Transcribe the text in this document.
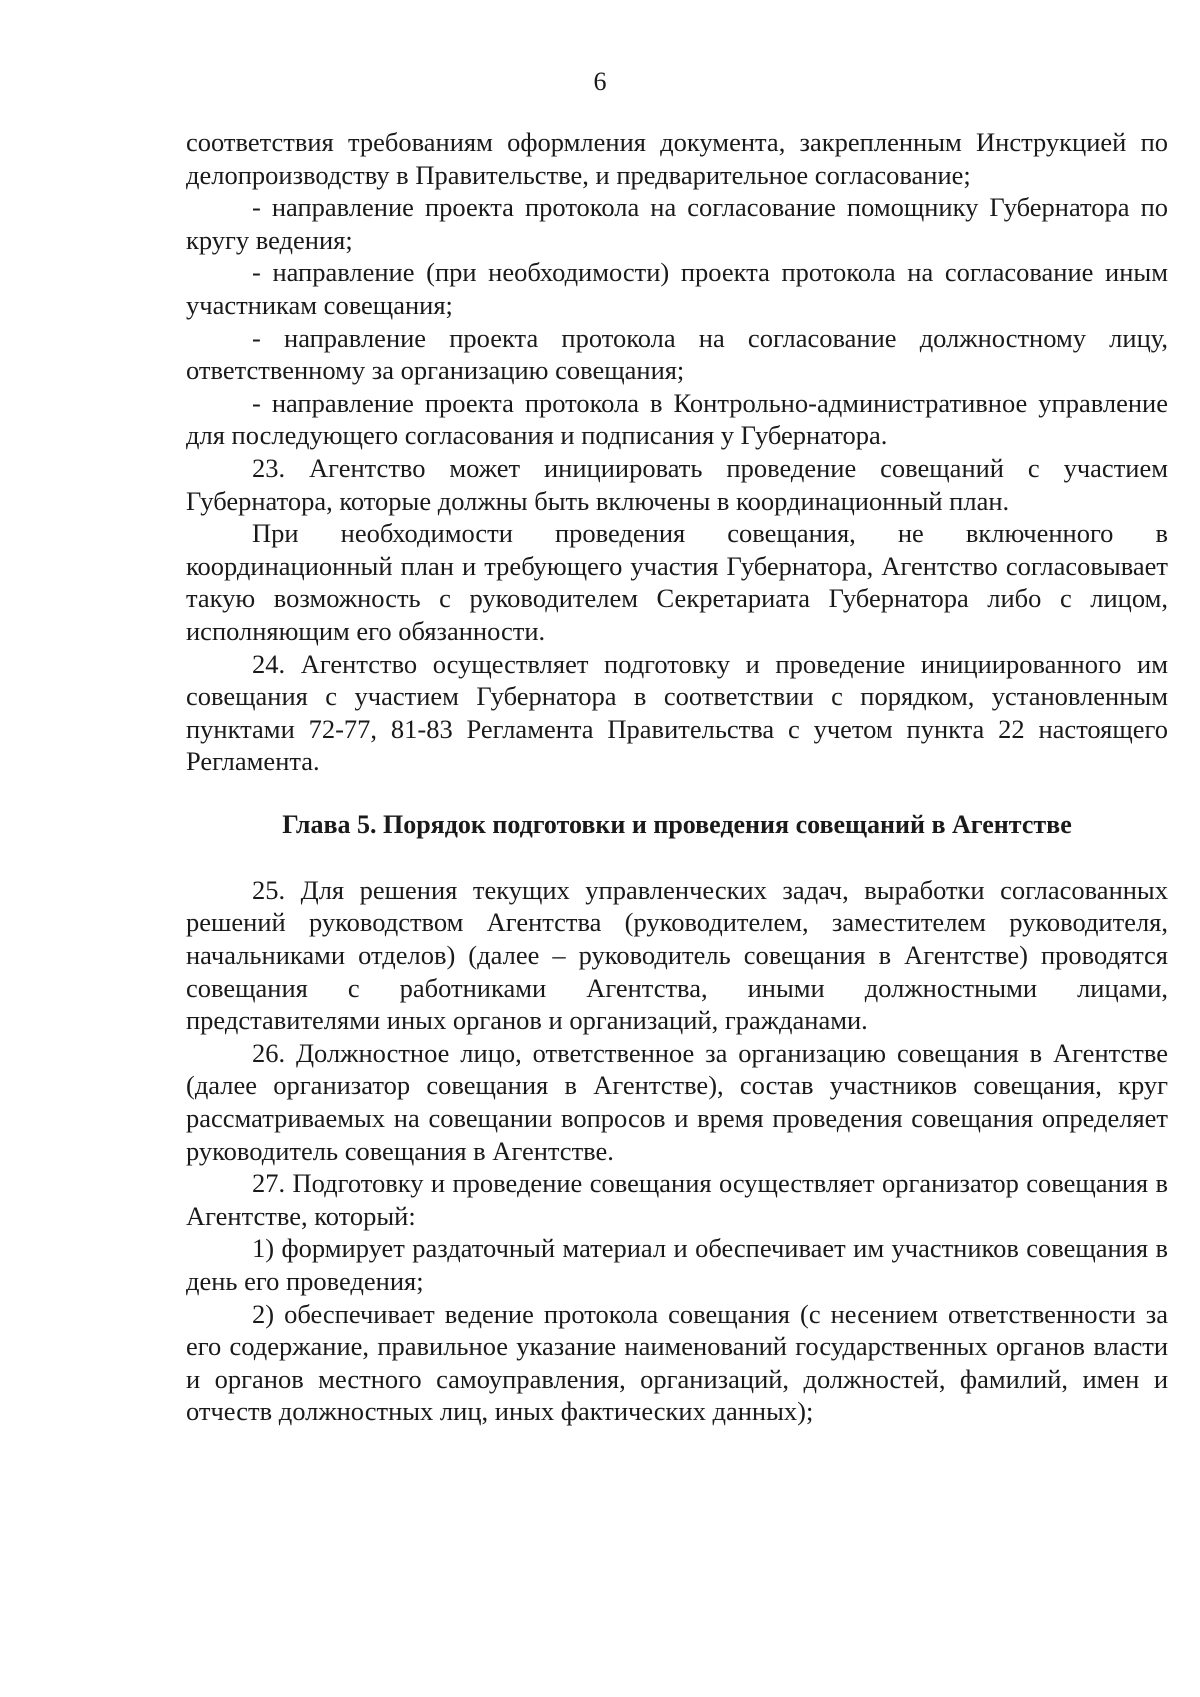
6

соответствия требованиям оформления документа, закрепленным Инструкцией по делопроизводству в Правительстве, и предварительное согласование;

- направление проекта протокола на согласование помощнику Губернатора по кругу ведения;

- направление (при необходимости) проекта протокола на согласование иным участникам совещания;

- направление проекта протокола на согласование должностному лицу, ответственному за организацию совещания;

- направление проекта протокола в Контрольно-административное управление для последующего согласования и подписания у Губернатора.

23. Агентство может инициировать проведение совещаний с участием Губернатора, которые должны быть включены в координационный план.

При необходимости проведения совещания, не включенного в координационный план и требующего участия Губернатора, Агентство согласовывает такую возможность с руководителем Секретариата Губернатора либо с лицом, исполняющим его обязанности.

24. Агентство осуществляет подготовку и проведение инициированного им совещания с участием Губернатора в соответствии с порядком, установленным пунктами 72-77, 81-83 Регламента Правительства с учетом пункта 22 настоящего Регламента.

Глава 5. Порядок подготовки и проведения совещаний в Агентстве

25. Для решения текущих управленческих задач, выработки согласованных решений руководством Агентства (руководителем, заместителем руководителя, начальниками отделов) (далее – руководитель совещания в Агентстве) проводятся совещания с работниками Агентства, иными должностными лицами, представителями иных органов и организаций, гражданами.

26. Должностное лицо, ответственное за организацию совещания в Агентстве (далее организатор совещания в Агентстве), состав участников совещания, круг рассматриваемых на совещании вопросов и время проведения совещания определяет руководитель совещания в Агентстве.

27. Подготовку и проведение совещания осуществляет организатор совещания в Агентстве, который:

1) формирует раздаточный материал и обеспечивает им участников совещания в день его проведения;

2) обеспечивает ведение протокола совещания (с несением ответственности за его содержание, правильное указание наименований государственных органов власти и органов местного самоуправления, организаций, должностей, фамилий, имен и отчеств должностных лиц, иных фактических данных);
